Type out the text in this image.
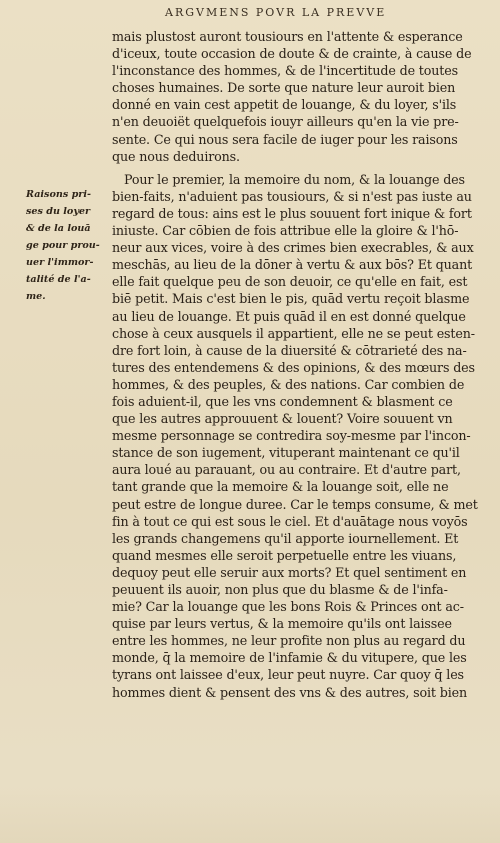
ARGVMENS POVR LA PREVVE
Raisons pri-
ses du loyer
& de la louā
ge pour prou-
uer l'immor-
talité de l'a-
me.
mais plustost auront tousiours en l'attente & esperance
d'iceux, toute occasion de doute & de crainte, à cause de
l'inconstance des hommes, & de l'incertitude de toutes
choses humaines. De sorte que nature leur auroit bien
donné en vain cest appetit de louange, & du loyer, s'ils
n'en deuoiët quelquefois iouyr ailleurs qu'en la vie pre-
sente. Ce qui nous sera facile de iuger pour les raisons
que nous deduirons.
Pour le premier, la memoire du nom, & la louange des
bien-faits, n'aduient pas tousiours, & si n'est pas iuste au
regard de tous: ains est le plus souuent fort inique & fort
iniuste. Car cōbien de fois attribue elle la gloire & l'hō-
neur aux vices, voire à des crimes bien execrables, & aux
meschās, au lieu de la dōner à vertu & aux bōs? Et quant
elle fait quelque peu de son deuoir, ce qu'elle en fait, est
biē petit. Mais c'est bien le pis, quād vertu reçoit blasme
au lieu de louange. Et puis quād il en est donné quelque
chose à ceux ausquels il appartient, elle ne se peut esten-
dre fort loin, à cause de la diuersité & cōtrarieté des na-
tures des entendemens & des opinions, & des mœurs des
hommes, & des peuples, & des nations. Car combien de
fois aduient-il, que les vns condemnent & blasment ce
que les autres approuuent & louent? Voire souuent vn
mesme personnage se contredira soy-mesme par l'incon-
stance de son iugement, vituperant maintenant ce qu'il
aura loué au parauant, ou au contraire. Et d'autre part,
tant grande que la memoire & la louange soit, elle ne
peut estre de longue duree. Car le temps consume, & met
fin à tout ce qui est sous le ciel. Et d'auātage nous voyōs
les grands changemens qu'il apporte iournellement. Et
quand mesmes elle seroit perpetuelle entre les viuans,
dequoy peut elle seruir aux morts? Et quel sentiment en
peuuent ils auoir, non plus que du blasme & de l'infa-
mie? Car la louange que les bons Rois & Princes ont ac-
quise par leurs vertus, & la memoire qu'ils ont laissee
entre les hommes, ne leur profite non plus au regard du
monde, q̄ la memoire de l'infamie & du vitupere, que les
tyrans ont laissee d'eux, leur peut nuyre. Car quoy q̄ les
hommes dient & pensent des vns & des autres, soit bien
